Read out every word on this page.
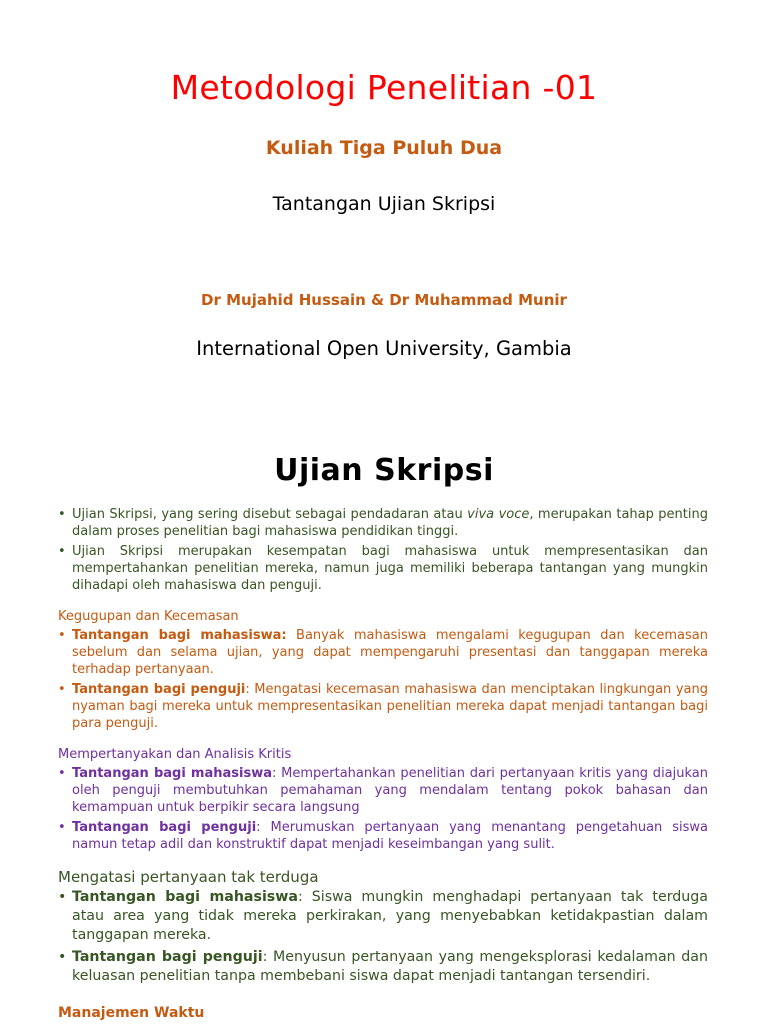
Metodologi Penelitian -01
Kuliah Tiga Puluh Dua
Tantangan Ujian Skripsi
Dr Mujahid Hussain & Dr Muhammad Munir
International Open University, Gambia
Ujian Skripsi
• Ujian Skripsi, yang sering disebut sebagai pendadaran atau viva voce, merupakan tahap penting dalam proses penelitian bagi mahasiswa pendidikan tinggi.
• Ujian Skripsi merupakan kesempatan bagi mahasiswa untuk mempresentasikan dan mempertahankan penelitian mereka, namun juga memiliki beberapa tantangan yang mungkin dihadapi oleh mahasiswa dan penguji.
Kegugupan dan Kecemasan
• Tantangan bagi mahasiswa: Banyak mahasiswa mengalami kegugupan dan kecemasan sebelum dan selama ujian, yang dapat mempengaruhi presentasi dan tanggapan mereka terhadap pertanyaan.
• Tantangan bagi penguji: Mengatasi kecemasan mahasiswa dan menciptakan lingkungan yang nyaman bagi mereka untuk mempresentasikan penelitian mereka dapat menjadi tantangan bagi para penguji.
Mempertanyakan dan Analisis Kritis
• Tantangan bagi mahasiswa: Mempertahankan penelitian dari pertanyaan kritis yang diajukan oleh penguji membutuhkan pemahaman yang mendalam tentang pokok bahasan dan kemampuan untuk berpikir secara langsung
• Tantangan bagi penguji: Merumuskan pertanyaan yang menantang pengetahuan siswa namun tetap adil dan konstruktif dapat menjadi keseimbangan yang sulit.
Mengatasi pertanyaan tak terduga
• Tantangan bagi mahasiswa: Siswa mungkin menghadapi pertanyaan tak terduga atau area yang tidak mereka perkirakan, yang menyebabkan ketidakpastian dalam tanggapan mereka.
• Tantangan bagi penguji: Menyusun pertanyaan yang mengeksplorasi kedalaman dan keluasan penelitian tanpa membebani siswa dapat menjadi tantangan tersendiri.
Manajemen Waktu
